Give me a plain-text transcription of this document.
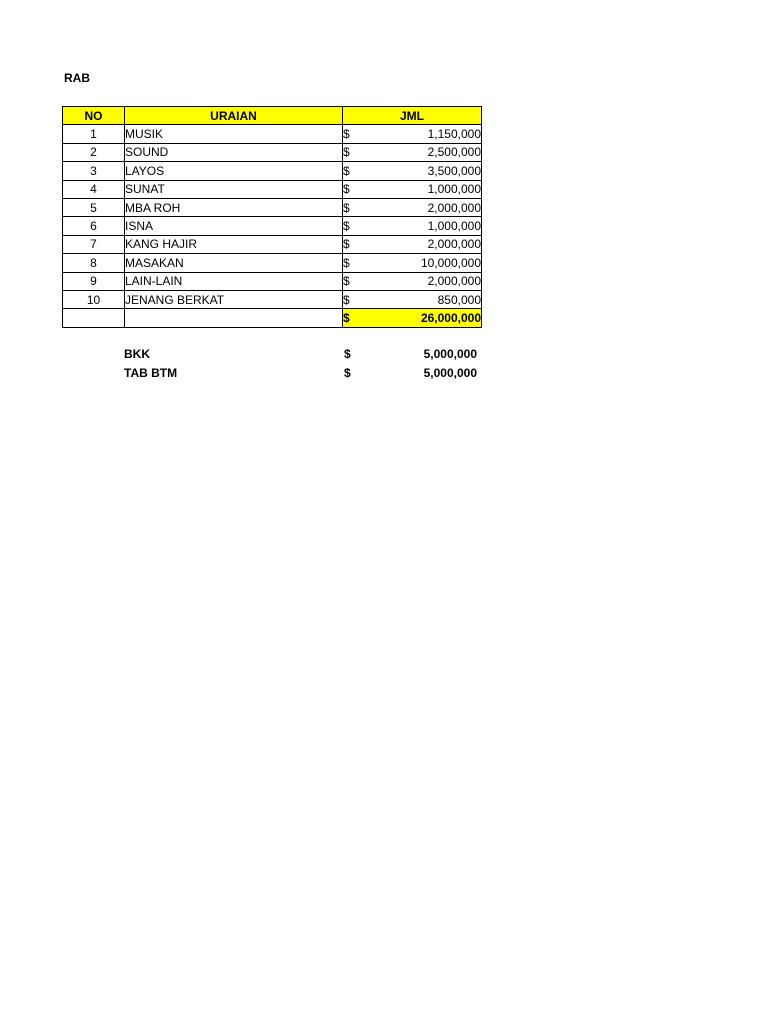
RAB
NO	URAIAN	JML
1	MUSIK	$ 1,150,000

2	SOUND	$ 2,500,000

3	LAYOS	$ 3,500,000

4	SUNAT	$ 1,000,000

5	MBA ROH	$ 2,000,000

6	ISNA	$ 1,000,000

7	KANG HAJIR	$ 2,000,000

8	MASAKAN	$ 10,000,000

9	LAIN-LAIN	$ 2,000,000

10	JENANG BERKAT	$ 850,000

		$ 26,000,000
BKK	$	5,000,000
TAB BTM	$	5,000,000
